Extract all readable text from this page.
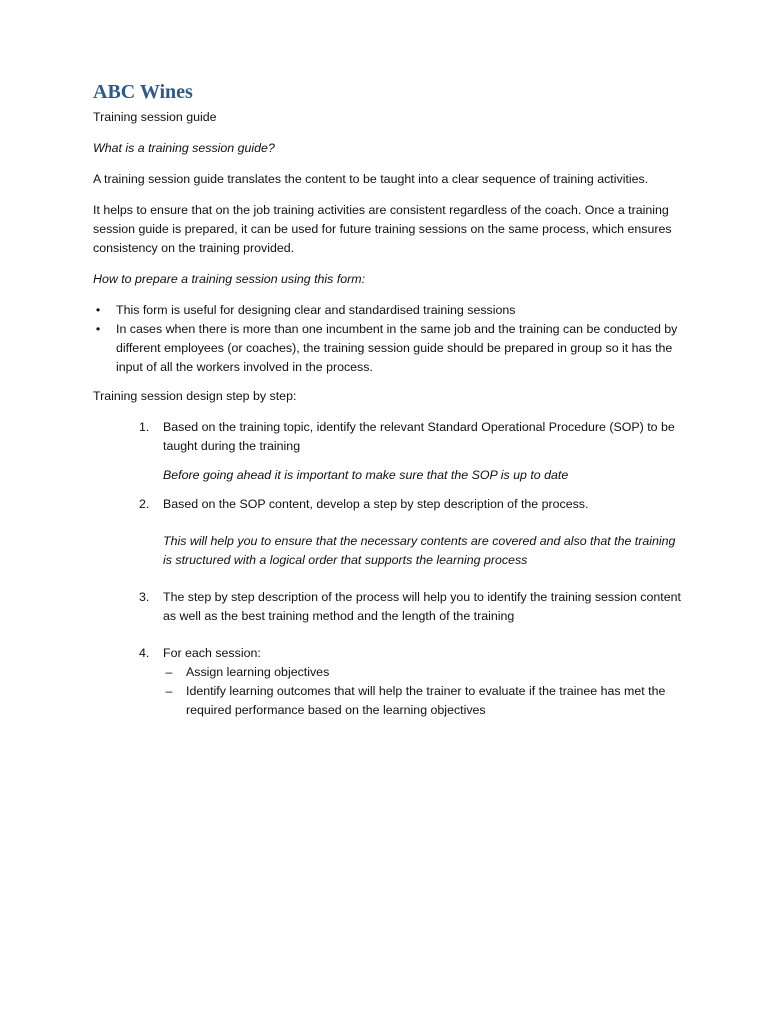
ABC Wines
Training session guide
What is a training session guide?

A training session guide translates the content to be taught into a clear sequence of training activities.

It helps to ensure that on the job training activities are consistent regardless of the coach. Once a training session guide is prepared, it can be used for future training sessions on the same process, which ensures consistency on the training provided.

How to prepare a training session using this form:
• This form is useful for designing clear and standardised training sessions
• In cases when there is more than one incumbent in the same job and the training can be conducted by different employees (or coaches), the training session guide should be prepared in group so it has the input of all the workers involved in the process.
Training session design step by step:
1. Based on the training topic, identify the relevant Standard Operational Procedure (SOP) to be taught during the training
Before going ahead it is important to make sure that the SOP is up to date
2. Based on the SOP content, develop a step by step description of the process.
This will help you to ensure that the necessary contents are covered and also that the training is structured with a logical order that supports the learning process
3. The step by step description of the process will help you to identify the training session content as well as the best training method and the length of the training
4. For each session:
– Assign learning objectives
– Identify learning outcomes that will help the trainer to evaluate if the trainee has met the required performance based on the learning objectives
